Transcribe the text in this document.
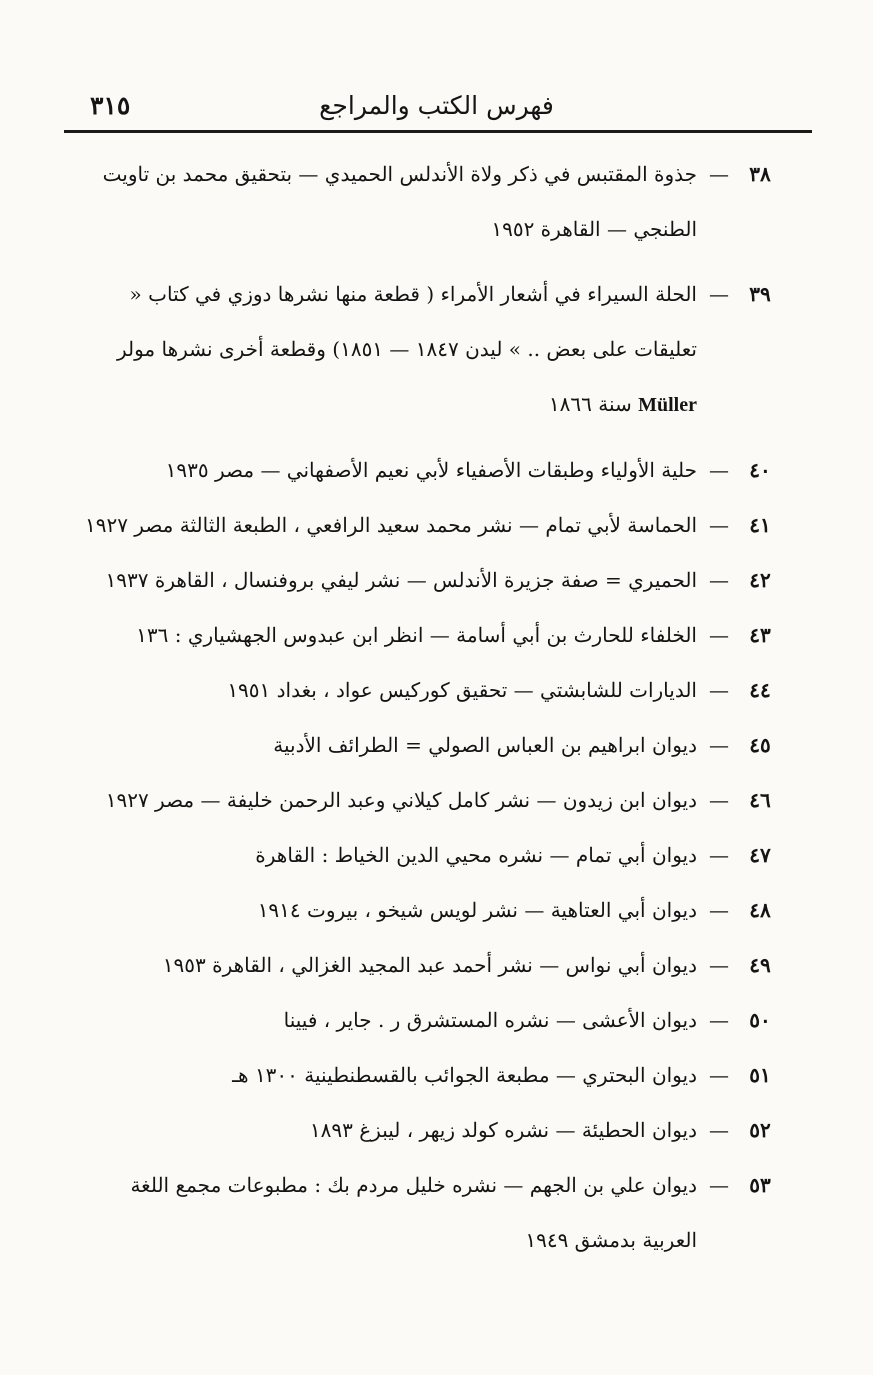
فهرس الكتب والمراجع
٣١٥
٣٨
—
جذوة المقتبس في ذكر ولاة الأندلس الحميدي — بتحقيق محمد بن تاويت الطنجي — القاهرة ١٩٥٢
٣٩
—
الحلة السيراء في أشعار الأمراء ( قطعة منها نشرها دوزي في كتاب « تعليقات على بعض .. » ليدن ١٨٤٧ — ١٨٥١) وقطعة أخرى نشرها مولر Müller سنة ١٨٦٦
٤٠
—
حلية الأولياء وطبقات الأصفياء لأبي نعيم الأصفهاني — مصر ١٩٣٥
٤١
—
الحماسة لأبي تمام — نشر محمد سعيد الرافعي ، الطبعة الثالثة مصر ١٩٢٧
٤٢
—
الحميري = صفة جزيرة الأندلس — نشر ليفي بروفنسال ، القاهرة ١٩٣٧
٤٣
—
الخلفاء للحارث بن أبي أسامة — انظر ابن عبدوس الجهشياري : ١٣٦
٤٤
—
الديارات للشابشتي — تحقيق كوركيس عواد ، بغداد ١٩٥١
٤٥
—
ديوان ابراهيم بن العباس الصولي = الطرائف الأدبية
٤٦
—
ديوان ابن زيدون — نشر كامل كيلاني وعبد الرحمن خليفة — مصر ١٩٢٧
٤٧
—
ديوان أبي تمام — نشره محيي الدين الخياط : القاهرة
٤٨
—
ديوان أبي العتاهية — نشر لويس شيخو ، بيروت ١٩١٤
٤٩
—
ديوان أبي نواس — نشر أحمد عبد المجيد الغزالي ، القاهرة ١٩٥٣
٥٠
—
ديوان الأعشى — نشره المستشرق ر . جاير ، فيينا
٥١
—
ديوان البحتري — مطبعة الجوائب بالقسطنطينية ١٣٠٠ هـ
٥٢
—
ديوان الحطيئة — نشره كولد زيهر ، ليبزغ ١٨٩٣
٥٣
—
ديوان علي بن الجهم — نشره خليل مردم بك : مطبوعات مجمع اللغة العربية بدمشق ١٩٤٩
